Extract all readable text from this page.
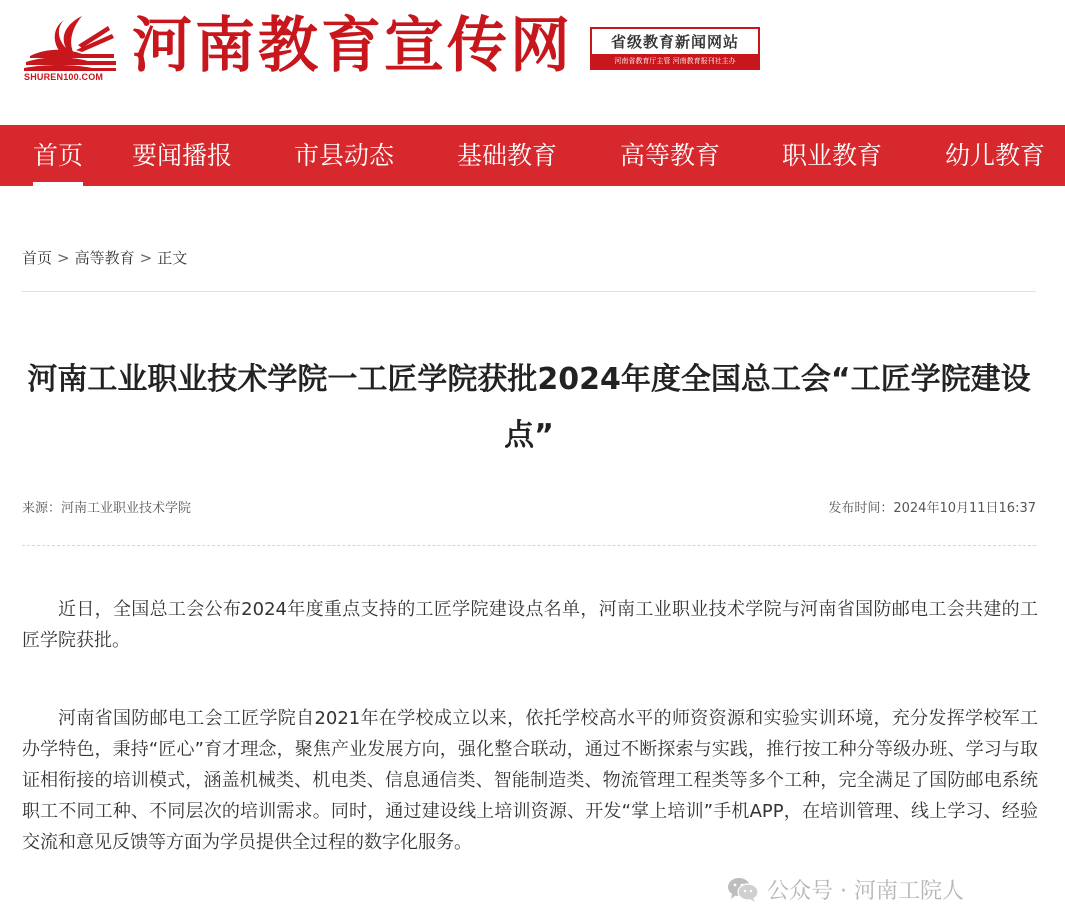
SHUREN100.COM 河南教育宣传网	省级教育新闻网站
河南省教育厅主管 河南教育报刊社主办
首页 要闻播报 市县动态	基础教育	高等教育 职业教育	幼儿教育
首页 > 高等教育 > 正文
河南工业职业技术学院一工匠学院获批2024年度全国总工会“工匠学院建设点”
来源：河南工业职业技术学院	发布时间：2024年10月11日16:37

近日，全国总工会公布2024年度重点支持的工匠学院建设点名单，河南工业职业技术学院与河南省国防邮电工会共建的工匠学院获批。

河南省国防邮电工会工匠学院自2021年在学校成立以来，依托学校高水平的师资资源和实验实训环境，充分发挥学校军工办学特色，秉持“匠心”育才理念，聚焦产业发展方向，强化整合联动，通过不断探索与实践，推行按工种分等级办班、学习与取证相衔接的培训模式，涵盖机械类、机电类、信息通信类、智能制造类、物流管理工程类等多个工种，完全满足了国防邮电系统职工不同工种、不同层次的培训需求。同时，通过建设线上培训资源、开发“掌上培训”手机APP，在培训管理、线上学习、经验交流和意见反馈等方面为学员提供全过程的数字化服务。

公众号 · 河南工院人
